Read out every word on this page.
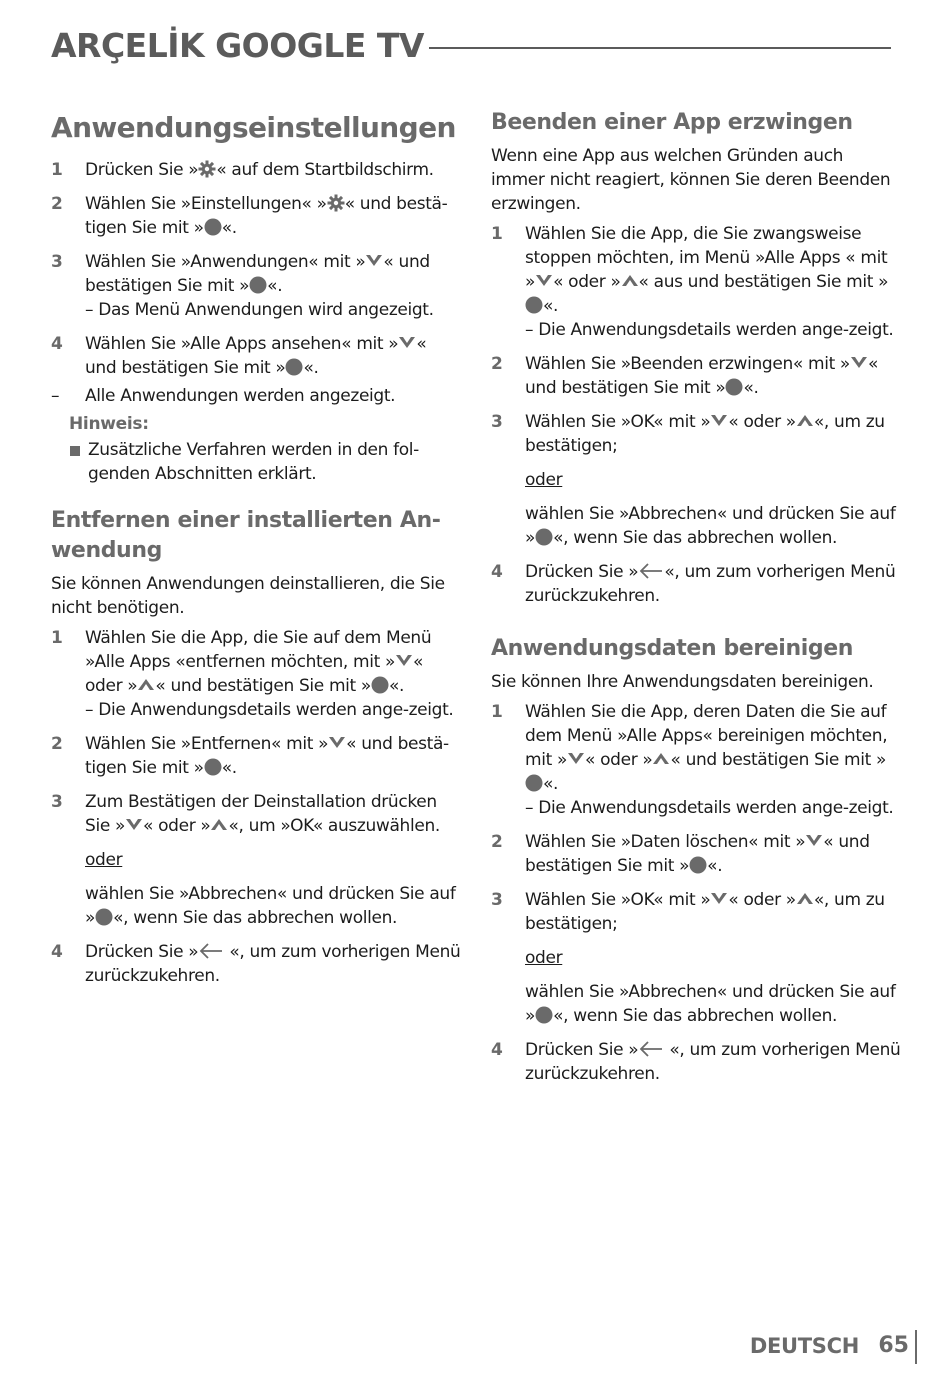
ARÇELİK GOOGLE TV
Anwendungseinstellungen
1 Drücken Sie » « auf dem Startbildschirm.
2 Wählen Sie »Einstellungen« » « und bestä-tigen Sie mit » «.
3 Wählen Sie »Anwendungen« mit » « und bestätigen Sie mit » «.
– Das Menü Anwendungen wird angezeigt.
4 Wählen Sie »Alle Apps ansehen« mit » « und bestätigen Sie mit » «.
– Alle Anwendungen werden angezeigt.
Hinweis:
Zusätzliche Verfahren werden in den fol-genden Abschnitten erklärt.
Entfernen einer installierten An-wendung
Sie können Anwendungen deinstallieren, die Sie nicht benötigen.
1 Wählen Sie die App, die Sie auf dem Menü »Alle Apps «entfernen möchten, mit » « oder » « und bestätigen Sie mit » «.
– Die Anwendungsdetails werden ange-zeigt.
2 Wählen Sie »Entfernen« mit » « und bestä-tigen Sie mit » «.
3 Zum Bestätigen der Deinstallation drücken Sie » « oder » «, um »OK« auszuwählen.
oder
wählen Sie »Abbrechen« und drücken Sie auf » «, wenn Sie das abbrechen wollen.
4 Drücken Sie » «, um zum vorherigen Menü zurückzukehren.
Beenden einer App erzwingen
Wenn eine App aus welchen Gründen auch immer nicht reagiert, können Sie deren Beenden erzwingen.
1 Wählen Sie die App, die Sie zwangsweise stoppen möchten, im Menü »Alle Apps « mit » « oder » « aus und bestätigen Sie mit »«.
– Die Anwendungsdetails werden ange-zeigt.
2 Wählen Sie »Beenden erzwingen« mit » « und bestätigen Sie mit » «.
3 Wählen Sie »OK« mit » « oder » «, um zu bestätigen;
oder
wählen Sie »Abbrechen« und drücken Sie auf » «, wenn Sie das abbrechen wollen.
4 Drücken Sie » «, um zum vorherigen Menü zurückzukehren.
Anwendungsdaten bereinigen
Sie können Ihre Anwendungsdaten bereinigen.
1 Wählen Sie die App, deren Daten die Sie auf dem Menü »Alle Apps« bereinigen möchten, mit » « oder » « und bestätigen Sie mit »«.
– Die Anwendungsdetails werden ange-zeigt.
2 Wählen Sie »Daten löschen« mit » « und bestätigen Sie mit » «.
3 Wählen Sie »OK« mit » « oder » «, um zu bestätigen;
oder
wählen Sie »Abbrechen« und drücken Sie auf » «, wenn Sie das abbrechen wollen.
4 Drücken Sie » «, um zum vorherigen Menü zurückzukehren.
DEUTSCH 65
